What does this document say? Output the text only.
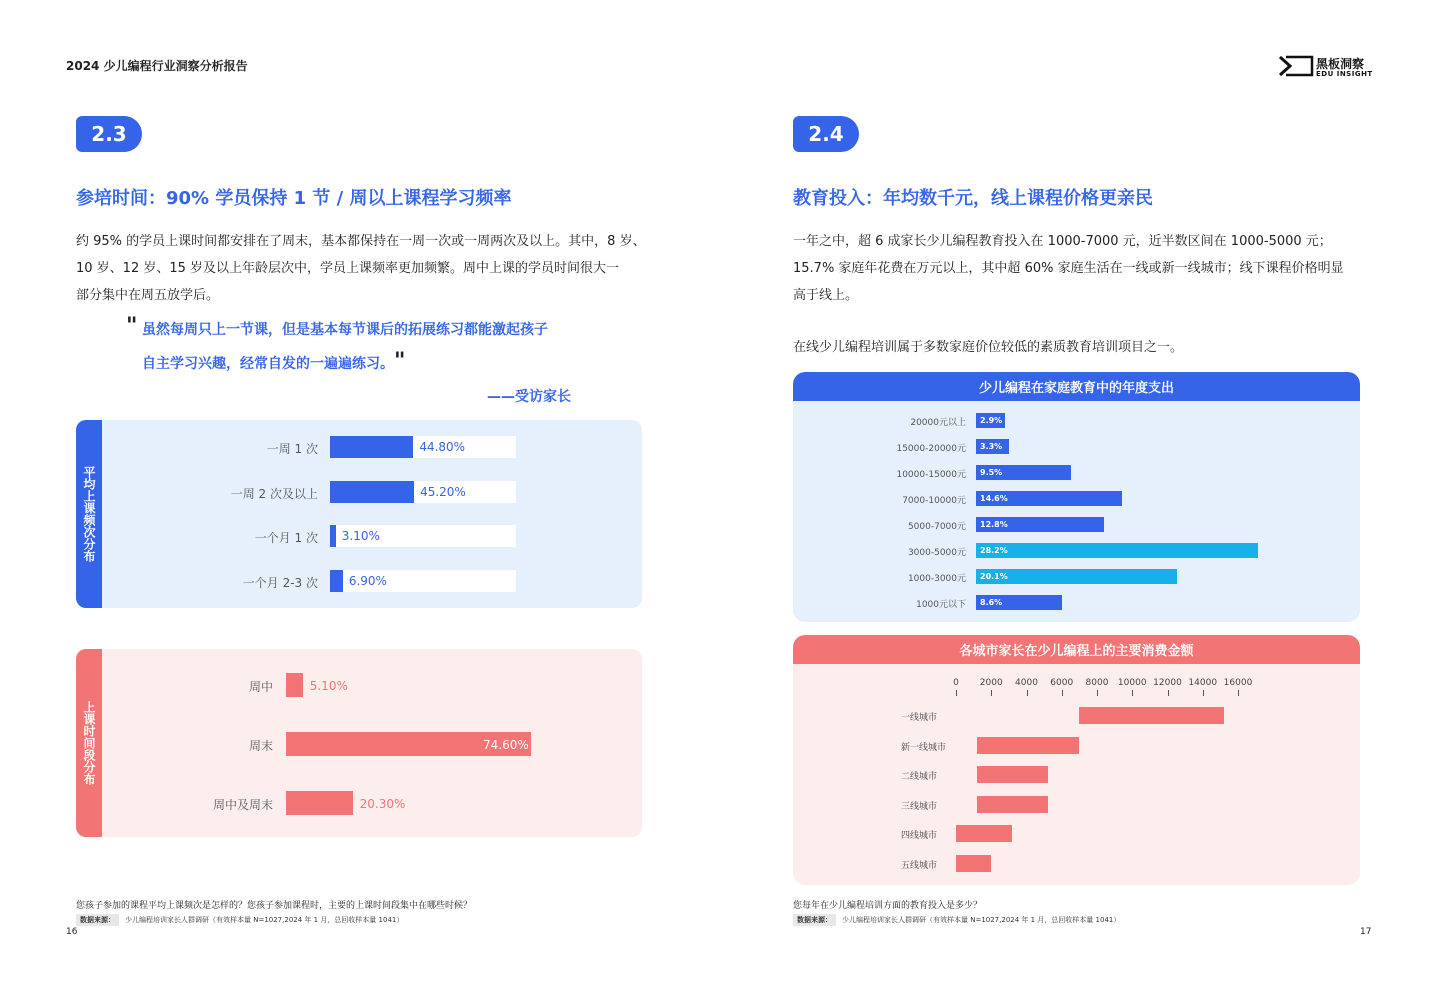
2024 少儿编程行业洞察分析报告	黑板洞察
EDU INSIGHT
2.3
参培时间：90% 学员保持 1 节 / 周以上课程学习频率
约 95% 的学员上课时间都安排在了周末，基本都保持在一周一次或一周两次及以上。其中，8 岁、
10 岁、12 岁、15 岁及以上年龄层次中，学员上课频率更加频繁。周中上课的学员时间很大一
部分集中在周五放学后。
" 虽然每周只上一节课，但是基本每节课后的拓展练习都能激起孩子
自主学习兴趣，经常自发的一遍遍练习。"
——受访家长
平均上课频次分布
一周 1 次	44.80%
一周 2 次及以上	45.20%
一个月 1 次 3.10%
一个月 2-3 次	6.90%
上课时间段分布
周中	5.10%
周末	74.60%
周中及周末	20.30%
您孩子参加的课程平均上课频次是怎样的？您孩子参加课程时，主要的上课时间段集中在哪些时候？
数据来源：	少儿编程培训家长人群调研（有效样本量 N=1027,2024 年 1 月，总回收样本量 1041）
16
2.4
教育投入：年均数千元，线上课程价格更亲民
一年之中，超 6 成家长少儿编程教育投入在 1000-7000 元，近半数区间在 1000-5000 元；
15.7% 家庭年花费在万元以上，其中超 60% 家庭生活在一线或新一线城市；线下课程价格明显
高于线上。
在线少儿编程培训属于多数家庭价位较低的素质教育培训项目之一。
少儿编程在家庭教育中的年度支出
20000元以上 2.9%
15000-20000元 3.3%
10000-15000元 9.5%
7000-10000元 14.6%
5000-7000元 12.8%
3000-5000元 28.2%
1000-3000元 20.1%
1000元以下 8.6%
各城市家长在少儿编程上的主要消费金额
0 2000 4000 6000 8000 10000 12000 14000 16000
一线城市
新一线城市
二线城市
三线城市
四线城市
五线城市
您每年在少儿编程培训方面的教育投入是多少？
数据来源：	少儿编程培训家长人群调研（有效样本量 N=1027,2024 年 1 月，总回收样本量 1041）
17
